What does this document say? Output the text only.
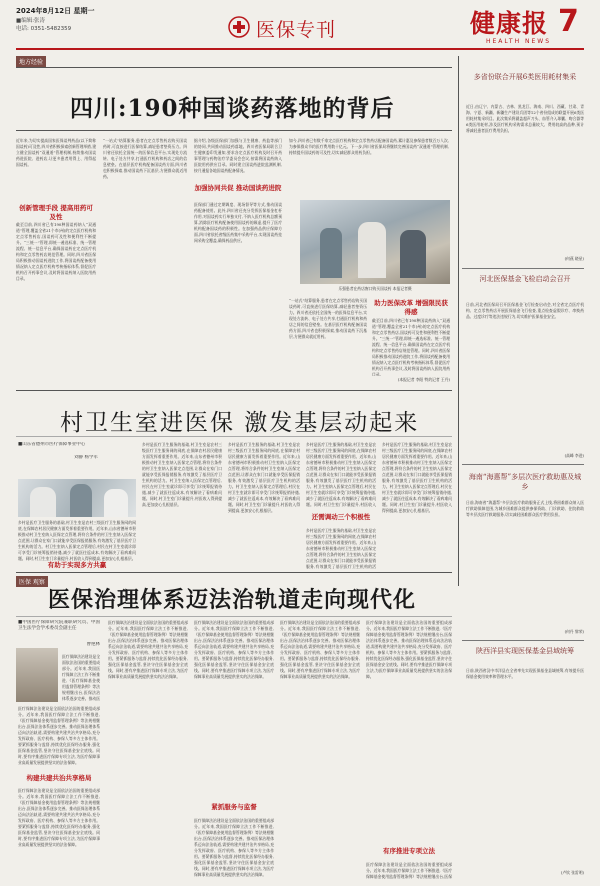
2024年8月12日 星期一
■编辑:张涛
电话: 0351-5482359	医保专刊	健康报
HEALTH NEWS
7
地方经验
四川:190种国谈药落地的背后
近年来,为切实提高国家医保谈判药品(以下简称国谈药)可及性,四川省积极探索创新管理举措,建立健全国谈药“双通道”管理机制,持续推动国谈药进医院、进药店,让更多患者用得上、用得起国谈药。
创新管理手段 提高用药可及性
截至目前,四川省已有190种国谈药纳入“双通道”管理,覆盖全省21个市(州)的定点医疗机构和定点零售药店,国谈药可及性和便利性不断提升。“三统一”管理,即统一遴选标准、统一管理流程、统一信息平台,确保国谈药在定点医疗机构和定点零售药店规范管理。同时,四川省医保局积极推动国谈药进院工作,将国谈药配备使用情况纳入定点医疗机构考核指标体系,督促医疗机构召开药事会议,及时将国谈药纳入医院用药目录。
“一站式”结算服务,患者在定点零售药店购买国谈药时,可直接进行医保结算,减轻患者垫资压力。四川省还依托全国统一的医保信息平台,实现处方流转、电子处方共享,打通医疗机构和药店之间的信息壁垒。在基层医疗机构配备国谈药方面,四川省也积极探索,推动国谈药下沉基层,方便群众就近用药。
据介绍,各级医保部门加强与卫生健康、药监等部门的协同,共同推动国谈药落地。四川省医保局联合卫生健康委印发通知,要求各定点医疗机构及时召开药事管理与药物治疗学委员会会议,按需将国谈药纳入医院用药供应目录。同时建立国谈药进院监测机制,按月通报各地国谈药配备情况。
加强协同共促 推动国谈药进院
医保部门通过定期调度、现场督导等方式,推动国谈药配备使用。此外,四川省还充分发挥医保基金杠杆作用,对国谈药实行单独支付,不纳入医疗机构总额预算,消除医疗机构配备使用国谈药的顾虑,提升了医疗机构配备国谈药的积极性。在加强药品供应保障方面,四川省依托省级医药集中采购平台,实现国谈药挂网采购全覆盖,确保药品供应。
如今,四川省已有数千家定点医疗机构和定点零售药店配备国谈药,累计惠及参保患者数百万人次,为参保群众节约医疗费用数十亿元。下一步,四川省医保局将继续完善国谈药“双通道”管理机制,持续提升国谈药的可及性,切实减轻群众用药负担。
乐强患者在药店窗口购买国谈药 本报记者摄
“一站式”结算服务,患者在定点零售药店购买国谈药时,可直接进行医保结算,减轻患者垫资压力。四川省还依托全国统一的医保信息平台,实现处方流转、电子处方共享,打通医疗机构和药店之间的信息壁垒。在基层医疗机构配备国谈药方面,四川省也积极探索,推动国谈药下沉基层,方便群众就近用药。
助力医保改革 增强限民获得感
截至目前,四川省已有190种国谈药纳入“双通道”管理,覆盖全省21个市(州)的定点医疗机构和定点零售药店,国谈药可及性和便利性不断提升。“三统一”管理,即统一遴选标准、统一管理流程、统一信息平台,确保国谈药在定点医疗机构和定点零售药店规范管理。同时,四川省医保局积极推动国谈药进院工作,将国谈药配备使用情况纳入定点医疗机构考核指标体系,督促医疗机构召开药事会议,及时将国谈药纳入医院用药目录。
(本报记者 李阳 特约记者 王丹)
多省份联合开展6类医用耗材集采
近日,由辽宁、内蒙古、吉林、黑龙江、海南、四川、西藏、甘肃、青海、宁夏、新疆、新疆生产建设兵团等12个省份组成的联盟开展6类医用耗材集采项目。此次集采将涵盖超声刀头、血管介入球囊、吻合器等6类医用耗材,涉及医疗机构采购需求总量较大、费用较高的品种,预计将减轻患者医疗费用负担。
(何燕 晓星)
河北医保基金飞检启动会召开
日前,河北省医保局召开医保基金飞行检查启动会,对全省定点医疗机构、定点零售药店开展医保基金飞行检查,重点检查虚假诊疗、串换药品、过度诊疗等违法违规行为,切实维护医保基金安全。
(高峰 李进)
海南“海惠帮”多层次医疗救助惠及城乡
日前,海南省“海惠帮”多层次医疗救助服务正式上线,将困难群众纳入医疗救助保障范围,为城乡困难群众提供参保资助、门诊救助、住院救助等多层次医疗救助服务,切实减轻困难群众医疗费用负担。
(何丹 黎荣)
陕西洋县实现医保基金县域统筹
日前,陕西省汉中市洋县在全省率先实现医保基金县域统筹,有效提升医保基金使用效率和管理水平。
(卢钦 张雷明)
村卫生室进医保 激发基层动起来
■山东省德州市医疗保障事业中心
刘静 杨学军
乡村是医疗卫生服务的基础,村卫生室是农村三级医疗卫生服务网的网底,在保障农村居民健康方面发挥着重要作用。近年来,山东省德州市积极推动村卫生室纳入医保定点管理,将符合条件的村卫生室纳入医保定点范围,让群众在家门口就能享受医保报销服务,有效激发了基层医疗卫生机构的活力。村卫生室纳入医保定点管理后,村民在村卫生室就诊即可享受门诊统筹报销待遇,减少了就医往返成本,有效解决了看病难问题。同时,村卫生室门诊量提升,村医收入得到提高,更加安心扎根基层。
乡村是医疗卫生服务的基础,村卫生室是农村三级医疗卫生服务网的网底,在保障农村居民健康方面发挥着重要作用。近年来,山东省德州市积极推动村卫生室纳入医保定点管理,将符合条件的村卫生室纳入医保定点范围,让群众在家门口就能享受医保报销服务,有效激发了基层医疗卫生机构的活力。村卫生室纳入医保定点管理后,村民在村卫生室就诊即可享受门诊统筹报销待遇,减少了就医往返成本,有效解决了看病难问题。同时,村卫生室门诊量提升,村医收入得到提高,更加安心扎根基层。
有助于实现多方共赢
乡村是医疗卫生服务的基础,村卫生室是农村三级医疗卫生服务网的网底,在保障农村居民健康方面发挥着重要作用。近年来,山东省德州市积极推动村卫生室纳入医保定点管理,将符合条件的村卫生室纳入医保定点范围,让群众在家门口就能享受医保报销服务,有效激发了基层医疗卫生机构的活力。村卫生室纳入医保定点管理后,村民在村卫生室就诊即可享受门诊统筹报销待遇,减少了就医往返成本,有效解决了看病难问题。同时,村卫生室门诊量提升,村医收入得到提高,更加安心扎根基层。
乡村是医疗卫生服务的基础,村卫生室是农村三级医疗卫生服务网的网底,在保障农村居民健康方面发挥着重要作用。近年来,山东省德州市积极推动村卫生室纳入医保定点管理,将符合条件的村卫生室纳入医保定点范围,让群众在家门口就能享受医保报销服务,有效激发了基层医疗卫生机构的活力。村卫生室纳入医保定点管理后,村民在村卫生室就诊即可享受门诊统筹报销待遇,减少了就医往返成本,有效解决了看病难问题。同时,村卫生室门诊量提升,村医收入
还需调动三个积极性
乡村是医疗卫生服务的基础,村卫生室是农村三级医疗卫生服务网的网底,在保障农村居民健康方面发挥着重要作用。近年来,山东省德州市积极推动村卫生室纳入医保定点管理,将符合条件的村卫生室纳入医保定点范围,让群众在家门口就能享受医保报销服务,有效激发了基层医疗卫生机构的活
乡村是医疗卫生服务的基础,村卫生室是农村三级医疗卫生服务网的网底,在保障农村居民健康方面发挥着重要作用。近年来,山东省德州市积极推动村卫生室纳入医保定点管理,将符合条件的村卫生室纳入医保定点范围,让群众在家门口就能享受医保报销服务,有效激发了基层医疗卫生机构的活力。村卫生室纳入医保定点管理后,村民在村卫生室就诊即可享受门诊统筹报销待遇,减少了就医往返成本,有效解决了看病难问题。同时,村卫生室门诊量提升,村医收入得到提高,更加安心扎根基层。
医保 观察
医保治理体系迈法治轨道走向现代化
■中国医疗保障研究院兼职研究员、中国卫生法学会学术委员会副主任
曹艳林
医疗保障法治建设是全面依法治国的重要组成部分。近年来,我国医疗保障立法工作不断推进,《医疗保障基金使用监督管理条例》等法规相继出台,医保法治体系逐步完善。推动医
医疗保障法治建设是全面依法治国的重要组成部分。近年来,我国医疗保障立法工作不断推进,《医疗保障基金使用监督管理条例》等法规相继出台,医保法治体系逐步完善。推动医保治理体系迈向法治轨道,需要构建共建共治共享格局,充分发挥政府、医疗机构、参保人等多方主体作用。要紧抓服务与监督,持续优化医保经办服务,强化医保基金监管,坚决守住医保基金安全底线。同时,要有序推进医疗保障专项立法,为医疗保障事业高质量发展提供坚实的法治保障。
构建共建共治共享格局
医疗保障法治建设是全面依法治国的重要组成部分。近年来,我国医疗保障立法工作不断推进,《医疗保障基金使用监督管理条例》等法规相继出台,医保法治体系逐步完善。推动医保治理体系迈向法治轨道,需要构建共建共治共享格局,充分发挥政府、医疗机构、参保人等多方主体作用。要紧抓服务与监督,持续优化医保经办服务,强化医保基金监管,坚决守住医保基金安全底线。同时,要有序推进医疗保障专项立法,为医疗保障事业高质量发展提供坚实的法治保障。
医疗保障法治建设是全面依法治国的重要组成部分。近年来,我国医疗保障立法工作不断推进,《医疗保障基金使用监督管理条例》等法规相继出台,医保法治体系逐步完善。推动医保治理体系迈向法治轨道,需要构建共建共治共享格局,充分发挥政府、医疗机构、参保人等多方主体作用。要紧抓服务与监督,持续优化医保经办服务,强化医保基金监管,坚决守住医保基金安全底线。同时,要有序推进医疗保障专项立法,为医疗保障事业高质量发展提供坚实的法治保障。
医疗保障法治建设是全面依法治国的重要组成部分。近年来,我国医疗保障立法工作不断推进,《医疗保障基金使用监督管理条例》等法规相继出台,医保法治体系逐步完善。推动医保治理体系迈向法治轨道,需要构建共建共治共享格局,充分发挥政府、医疗机构、参保人等多方主体作用。要紧抓服务与监督,持续优化医保经办服务,强化医保基金监管,坚决守住医保基金安全底线。同时,要有序推进医疗保障专项立法,为医疗保障事业高质量发展提供坚实的法治保障。
紧抓服务与监督
医疗保障法治建设是全面依法治国的重要组成部分。近年来,我国医疗保障立法工作不断推进,《医疗保障基金使用监督管理条例》等法规相继出台,医保法治体系逐步完善。推动医保治理体系迈向法治轨道,需要构建共建共治共享格局,充分发挥政府、医疗机构、参保人等多方主体作用。要紧抓服务与监督,持续优化医保经办服务,强化医保基金监管,坚决守住医保基金安全底线。同时,要有序推进医疗保障专项立法,为医疗保障事业高质量发展提供坚实的法治保障。
医疗保障法治建设是全面依法治国的重要组成部分。近年来,我国医疗保障立法工作不断推进,《医疗保障基金使用监督管理条例》等法规相继出台,医保法治体系逐步完善。推动医保治理体系迈向法治轨道,需要构建共建共治共享格局,充分发挥政府、医疗机构、参保人等多方主体作用。要紧抓服务与监督,持续优化医保经办服务,强化医保基金监管,坚决守住医保基金安全底线。同时,要有序推进医疗保障专项立法,为医疗保障事业高质量发展提供坚实的法治保障。
医疗保障法治建设是全面依法治国的重要组成部分。近年来,我国医疗保障立法工作不断推进,《医疗保障基金使用监督管理条例》等法规相继出台,医保法治体系逐步完善。推动医保治理体系迈向法治轨道,需要构建共建共治共享格局,充分发挥政府、医疗机构、参保人等多方主体作用。要紧抓服务与监督,持续优化医保经办服务,强化医保基金监管,坚决守住医保基金安全底线。同时,要有序推进医疗保障专项立法,为医疗保障事业高质量发展提供坚实的法治保障。
有序推进专项立法
医疗保障法治建设是全面依法治国的重要组成部分。近年来,我国医疗保障立法工作不断推进,《医疗保障基金使用监督管理条例》等法规相继出台,医保
